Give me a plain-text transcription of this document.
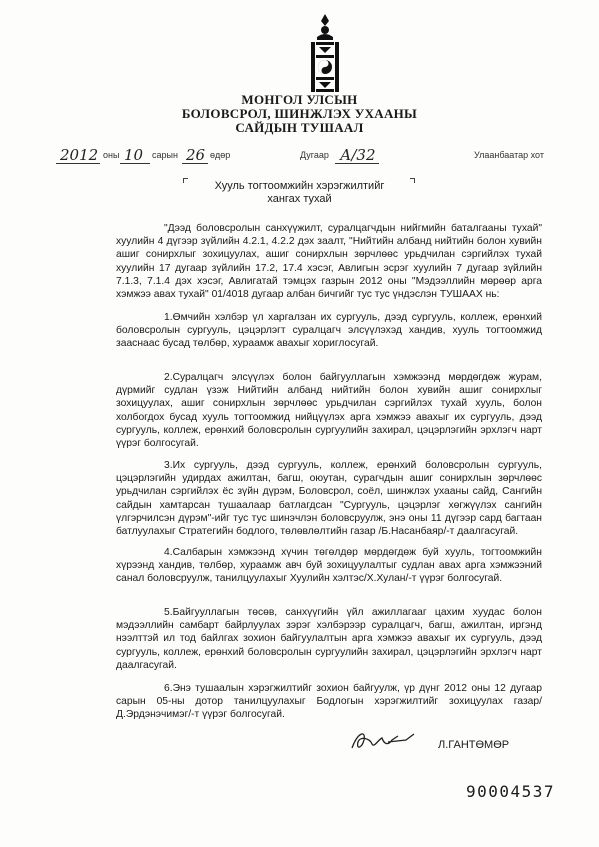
МОНГОЛ УЛСЫН
БОЛОВСРОЛ, ШИНЖЛЭХ УХААНЫ
САЙДЫН ТУШААЛ
2012 оны 10 сарын 26 өдөр	Дугаар А/32	Улаанбаатар хот
Хууль тогтоомжийн хэрэгжилтийг
хангах тухай

"Дээд боловсролын санхүүжилт, суралцагчдын нийгмийн баталгааны тухай" хуулийн 4 дүгээр зүйлийн 4.2.1, 4.2.2 дэх заалт, "Нийтийн албанд нийтийн болон хувийн ашиг сонирхлыг зохицуулах, ашиг сонирхлын зөрчлөөс урьдчилан сэргийлэх тухай хуулийн 17 дугаар зүйлийн 17.2, 17.4 хэсэг, Авлигын эсрэг хуулийн 7 дугаар зүйлийн 7.1.3, 7.1.4 дэх хэсэг, Авлигатай тэмцэх газрын 2012 оны "Мэдээллийн мөрөөр арга хэмжээ авах тухай" 01/4018 дугаар албан бичгийг тус тус үндэслэн ТУШААХ нь:

1.Өмчийн хэлбэр үл харгалзан их сургууль, дээд сургууль, коллеж, ерөнхий боловсролын сургууль, цэцэрлэгт суралцагч элсүүлэхэд хандив, хууль тогтоомжид зааснаас бусад төлбөр, хураамж авахыг хориглосугай.

2.Суралцагч элсүүлэх болон байгууллагын хэмжээнд мөрдөгдөж журам, дүрмийг судлан үзэж Нийтийн албанд нийтийн болон хувийн ашиг сонирхлыг зохицуулах, ашиг сонирхлын зөрчлөөс урьдчилан сэргийлэх тухай хууль, болон холбогдох бусад хууль тогтоомжид нийцүүлэх арга хэмжээ авахыг их сургууль, дээд сургууль, коллеж, ерөнхий боловсролын сургуулийн захирал, цэцэрлэгийн эрхлэгч нарт үүрэг болгосугай.

3.Их сургууль, дээд сургууль, коллеж, ерөнхий боловсролын сургууль, цэцэрлэгийн удирдах ажилтан, багш, оюутан, сурагчдын ашиг сонирхлын зөрчлөөс урьдчилан сэргийлэх ёс зүйн дүрэм, Боловсрол, соёл, шинжлэх ухааны сайд, Сангийн сайдын хамтарсан тушаалаар батлагдсан "Сургууль, цэцэрлэг хөгжүүлэх сангийн үлгэрчилсэн дүрэм"-ийг тус тус шинэчлэн боловсруулж, энэ оны 11 дүгээр сард багтаан батлуулахыг Стратегийн бодлого, төлөвлөлтийн газар /Б.Насанбаяр/-т даалгасугай.

4.Салбарын хэмжээнд хүчин төгөлдөр мөрдөгдөж буй хууль, тогтоомжийн хүрээнд хандив, төлбөр, хураамж авч буй зохицуулалтыг судлан авах арга хэмжээний санал боловсруулж, танилцуулахыг Хуулийн хэлтэс/Х.Хулан/-т үүрэг болгосугай.

5.Байгууллагын төсөв, санхүүгийн үйл ажиллагааг цахим хуудас болон мэдээллийн самбарт байрлуулах зэрэг хэлбэрээр суралцагч, багш, ажилтан, иргэнд нээлттэй ил тод байлгах зохион байгуулалтын арга хэмжээ авахыг их сургууль, дээд сургууль, коллеж, ерөнхий боловсролын сургуулийн захирал, цэцэрлэгийн эрхлэгч нарт даалгасугай.

6.Энэ тушаалын хэрэгжилтийг зохион байгуулж, үр дүнг 2012 оны 12 дугаар сарын 05-ны дотор танилцуулахыг Бодлогын хэрэгжилтийг зохицуулах газар/Д.Эрдэнэчимэг/-т үүрэг болгосугай.

Л.ГАНТӨМӨР
90004537
